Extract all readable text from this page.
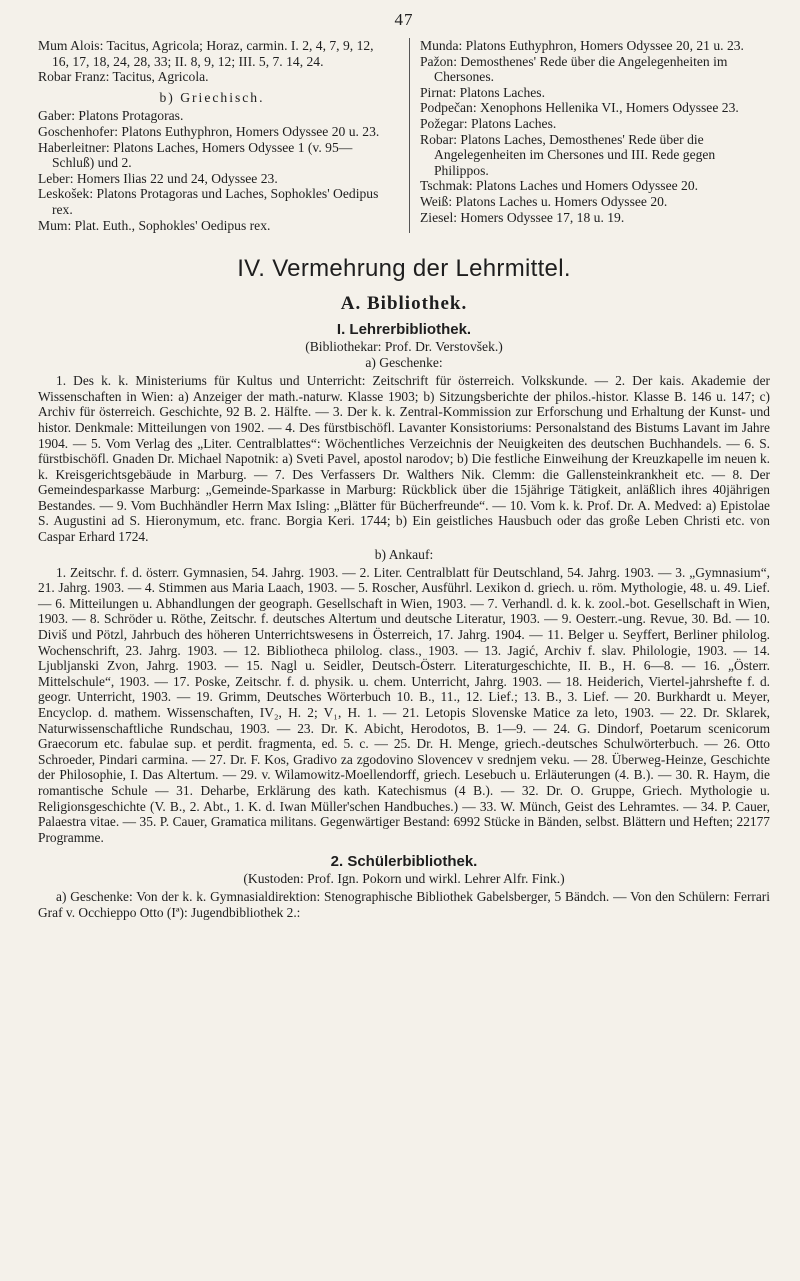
47

Mum Alois: Tacitus, Agricola; Horaz, carmin. I. 2, 4, 7, 9, 12, 16, 17, 18, 24, 28, 33; II. 8, 9, 12; III. 5, 7. 14, 24.

Robar Franz: Tacitus, Agricola.

b) Griechisch.

Gaber: Platons Protagoras.

Goschenhofer: Platons Euthyphron, Homers Odyssee 20 u. 23.

Haberleitner: Platons Laches, Homers Odyssee 1 (v. 95—Schluß) und 2.

Leber: Homers Ilias 22 und 24, Odyssee 23.

Leskošek: Platons Protagoras und Laches, Sophokles' Oedipus rex.

Mum: Plat. Euth., Sophokles' Oedipus rex.

Munda: Platons Euthyphron, Homers Odyssee 20, 21 u. 23.

Pažon: Demosthenes' Rede über die Angelegenheiten im Chersones.

Pirnat: Platons Laches.

Podpečan: Xenophons Hellenika VI., Homers Odyssee 23.

Požegar: Platons Laches.

Robar: Platons Laches, Demosthenes' Rede über die Angelegenheiten im Chersones und III. Rede gegen Philippos.

Tschmak: Platons Laches und Homers Odyssee 20.

Weiß: Platons Laches u. Homers Odyssee 20.

Ziesel: Homers Odyssee 17, 18 u. 19.

IV. Vermehrung der Lehrmittel.
A. Bibliothek.
I. Lehrerbibliothek.
(Bibliothekar: Prof. Dr. Verstovšek.)
a) Geschenke:

1. Des k. k. Ministeriums für Kultus und Unterricht: Zeitschrift für österreich. Volkskunde. — 2. Der kais. Akademie der Wissenschaften in Wien: a) Anzeiger der math.-naturw. Klasse 1903; b) Sitzungsberichte der philos.-histor. Klasse B. 146 u. 147; c) Archiv für österreich. Geschichte, 92 B. 2. Hälfte. — 3. Der k. k. Zentral-Kommission zur Erforschung und Erhaltung der Kunst- und histor. Denkmale: Mitteilungen von 1902. — 4. Des fürstbischöfl. Lavanter Konsistoriums: Personalstand des Bistums Lavant im Jahre 1904. — 5. Vom Verlag des „Liter. Centralblattes“: Wöchentliches Verzeichnis der Neuigkeiten des deutschen Buchhandels. — 6. S. fürstbischöfl. Gnaden Dr. Michael Napotnik: a) Sveti Pavel, apostol narodov; b) Die festliche Einweihung der Kreuzkapelle im neuen k. k. Kreisgerichtsgebäude in Marburg. — 7. Des Verfassers Dr. Walthers Nik. Clemm: die Gallensteinkrankheit etc. — 8. Der Gemeindesparkasse Marburg: „Gemeinde-Sparkasse in Marburg: Rückblick über die 15jährige Tätigkeit, anläßlich ihres 40jährigen Bestandes. — 9. Vom Buchhändler Herrn Max Isling: „Blätter für Bücherfreunde“. — 10. Vom k. k. Prof. Dr. A. Medved: a) Epistolae S. Augustini ad S. Hieronymum, etc. franc. Borgia Keri. 1744; b) Ein geistliches Hausbuch oder das große Leben Christi etc. von Caspar Erhard 1724.

b) Ankauf:

1. Zeitschr. f. d. österr. Gymnasien, 54. Jahrg. 1903. — 2. Liter. Centralblatt für Deutschland, 54. Jahrg. 1903. — 3. „Gymnasium“, 21. Jahrg. 1903. — 4. Stimmen aus Maria Laach, 1903. — 5. Roscher, Ausführl. Lexikon d. griech. u. röm. Mythologie, 48. u. 49. Lief. — 6. Mitteilungen u. Abhandlungen der geograph. Gesellschaft in Wien, 1903. — 7. Verhandl. d. k. k. zool.-bot. Gesellschaft in Wien, 1903. — 8. Schröder u. Röthe, Zeitschr. f. deutsches Altertum und deutsche Literatur, 1903. — 9. Oesterr.-ung. Revue, 30. Bd. — 10. Diviš und Pötzl, Jahrbuch des höheren Unterrichtswesens in Österreich, 17. Jahrg. 1904. — 11. Belger u. Seyffert, Berliner philolog. Wochenschrift, 23. Jahrg. 1903. — 12. Bibliotheca philolog. class., 1903. — 13. Jagić, Archiv f. slav. Philologie, 1903. — 14. Ljubljanski Zvon, Jahrg. 1903. — 15. Nagl u. Seidler, Deutsch-Österr. Literaturgeschichte, II. B., H. 6—8. — 16. „Österr. Mittelschule“, 1903. — 17. Poske, Zeitschr. f. d. physik. u. chem. Unterricht, Jahrg. 1903. — 18. Heiderich, Viertel-jahrshefte f. d. geogr. Unterricht, 1903. — 19. Grimm, Deutsches Wörterbuch 10. B., 11., 12. Lief.; 13. B., 3. Lief. — 20. Burkhardt u. Meyer, Encyclop. d. mathem. Wissenschaften, IV₂, H. 2; V₁, H. 1. — 21. Letopis Slovenske Matice za leto, 1903. — 22. Dr. Sklarek, Naturwissenschaftliche Rundschau, 1903. — 23. Dr. K. Abicht, Herodotos, B. 1—9. — 24. G. Dindorf, Poetarum scenicorum Graecorum etc. fabulae sup. et perdit. fragmenta, ed. 5. c. — 25. Dr. H. Menge, griech.-deutsches Schulwörterbuch. — 26. Otto Schroeder, Pindari carmina. — 27. Dr. F. Kos, Gradivo za zgodovino Slovencev v srednjem veku. — 28. Überweg-Heinze, Geschichte der Philosophie, I. Das Altertum. — 29. v. Wilamowitz-Moellendorff, griech. Lesebuch u. Erläuterungen (4. B.). — 30. R. Haym, die romantische Schule — 31. Deharbe, Erklärung des kath. Katechismus (4 B.). — 32. Dr. O. Gruppe, Griech. Mythologie u. Religionsgeschichte (V. B., 2. Abt., 1. K. d. Iwan Müller'schen Handbuches.) — 33. W. Münch, Geist des Lehramtes. — 34. P. Cauer, Palaestra vitae. — 35. P. Cauer, Gramatica militans. Gegenwärtiger Bestand: 6992 Stücke in Bänden, selbst. Blättern und Heften; 22177 Programme.

2. Schülerbibliothek.
(Kustoden: Prof. Ign. Pokorn und wirkl. Lehrer Alfr. Fink.)

a) Geschenke: Von der k. k. Gymnasialdirektion: Stenographische Bibliothek Gabelsberger, 5 Bändch. — Von den Schülern: Ferrari Graf v. Occhieppo Otto (Iª): Jugendbibliothek 2.:
